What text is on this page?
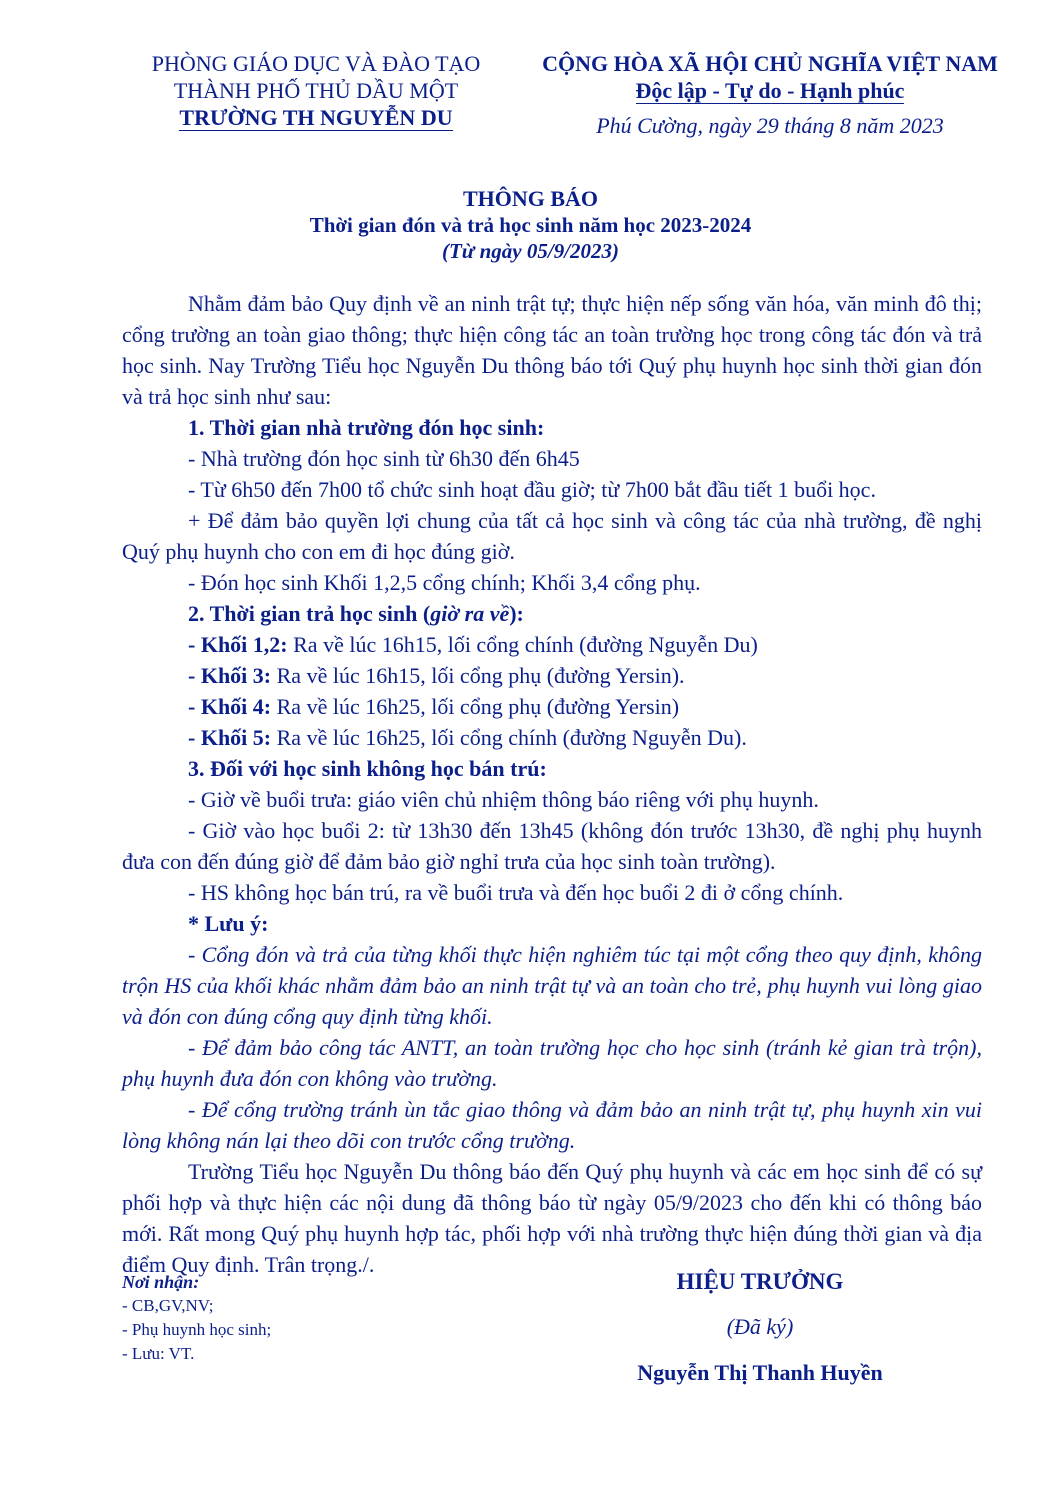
PHÒNG GIÁO DỤC VÀ ĐÀO TẠO
THÀNH PHỐ THỦ DẦU MỘT
TRƯỜNG TH NGUYỄN DU
CỘNG HÒA XÃ HỘI CHỦ NGHĨA VIỆT NAM
Độc lập - Tự do - Hạnh phúc
Phú Cường, ngày 29 tháng 8 năm 2023
THÔNG BÁO
Thời gian đón và trả học sinh năm học 2023-2024
(Từ ngày 05/9/2023)

Nhằm đảm bảo Quy định về an ninh trật tự; thực hiện nếp sống văn hóa, văn minh đô thị; cổng trường an toàn giao thông; thực hiện công tác an toàn trường học trong công tác đón và trả học sinh. Nay Trường Tiểu học Nguyễn Du thông báo tới Quý phụ huynh học sinh thời gian đón và trả học sinh như sau:

1. Thời gian nhà trường đón học sinh:

- Nhà trường đón học sinh từ 6h30 đến 6h45

- Từ 6h50 đến 7h00 tổ chức sinh hoạt đầu giờ; từ 7h00 bắt đầu tiết 1 buổi học.

+ Để đảm bảo quyền lợi chung của tất cả học sinh và công tác của nhà trường, đề nghị Quý phụ huynh cho con em đi học đúng giờ.

- Đón học sinh Khối 1,2,5 cổng chính; Khối 3,4 cổng phụ.

2. Thời gian trả học sinh (giờ ra về):

- Khối 1,2: Ra về lúc 16h15, lối cổng chính (đường Nguyễn Du)

- Khối 3: Ra về lúc 16h15, lối cổng phụ (đường Yersin).

- Khối 4: Ra về lúc 16h25, lối cổng phụ (đường Yersin)

- Khối 5: Ra về lúc 16h25, lối cổng chính (đường Nguyễn Du).

3. Đối với học sinh không học bán trú:

- Giờ về buổi trưa: giáo viên chủ nhiệm thông báo riêng với phụ huynh.

- Giờ vào học buổi 2: từ 13h30 đến 13h45 (không đón trước 13h30, đề nghị phụ huynh đưa con đến đúng giờ để đảm bảo giờ nghỉ trưa của học sinh toàn trường).

- HS không học bán trú, ra về buổi trưa và đến học buổi 2 đi ở cổng chính.

* Lưu ý:

- Cổng đón và trả của từng khối thực hiện nghiêm túc tại một cổng theo quy định, không trộn HS của khối khác nhằm đảm bảo an ninh trật tự và an toàn cho trẻ, phụ huynh vui lòng giao và đón con đúng cổng quy định từng khối.

- Để đảm bảo công tác ANTT, an toàn trường học cho học sinh (tránh kẻ gian trà trộn), phụ huynh đưa đón con không vào trường.

- Để cổng trường tránh ùn tắc giao thông và đảm bảo an ninh trật tự, phụ huynh xin vui lòng không nán lại theo dõi con trước cổng trường.

Trường Tiểu học Nguyễn Du thông báo đến Quý phụ huynh và các em học sinh để có sự phối hợp và thực hiện các nội dung đã thông báo từ ngày 05/9/2023 cho đến khi có thông báo mới. Rất mong Quý phụ huynh hợp tác, phối hợp với nhà trường thực hiện đúng thời gian và địa điểm Quy định. Trân trọng./.

Nơi nhận:
- CB,GV,NV;
- Phụ huynh học sinh;
- Lưu: VT.
HIỆU TRƯỞNG
(Đã ký)
Nguyễn Thị Thanh Huyền
